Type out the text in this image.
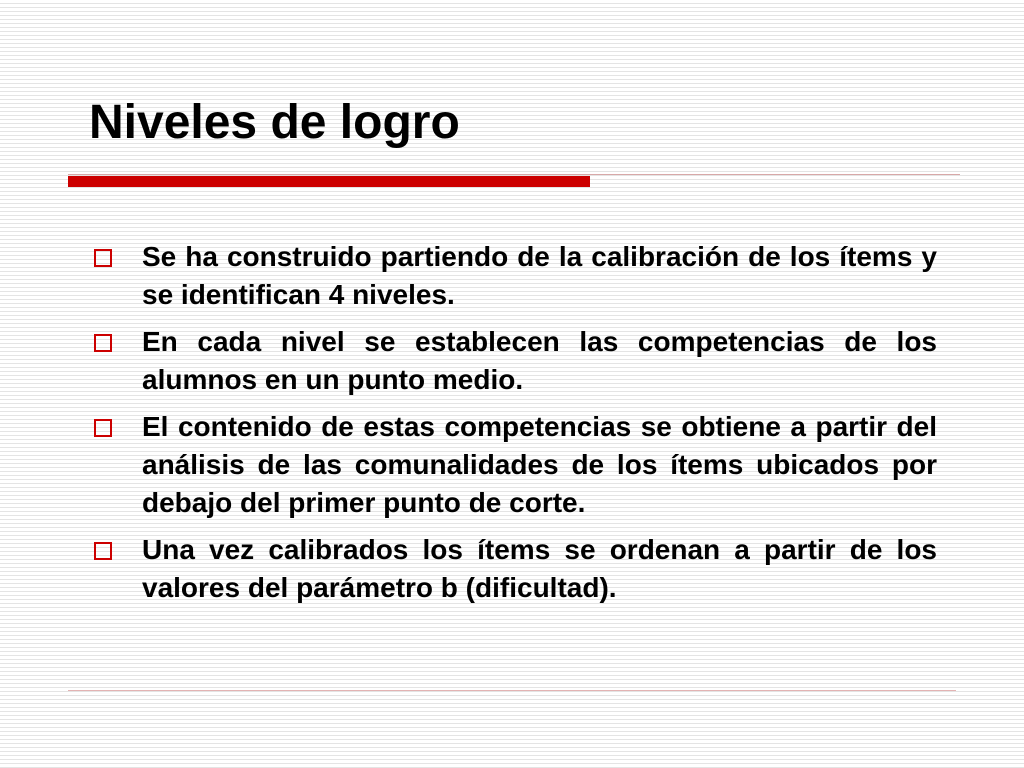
Niveles de logro
Se ha construido partiendo de la calibración de los ítems y se identifican 4 niveles.
En cada nivel se establecen las competencias de los alumnos en un punto medio.
El contenido de estas competencias se obtiene a partir del análisis de las comunalidades de los ítems ubicados por debajo del primer punto de corte.
Una vez calibrados los ítems se ordenan a partir de los valores del parámetro b (dificultad).
